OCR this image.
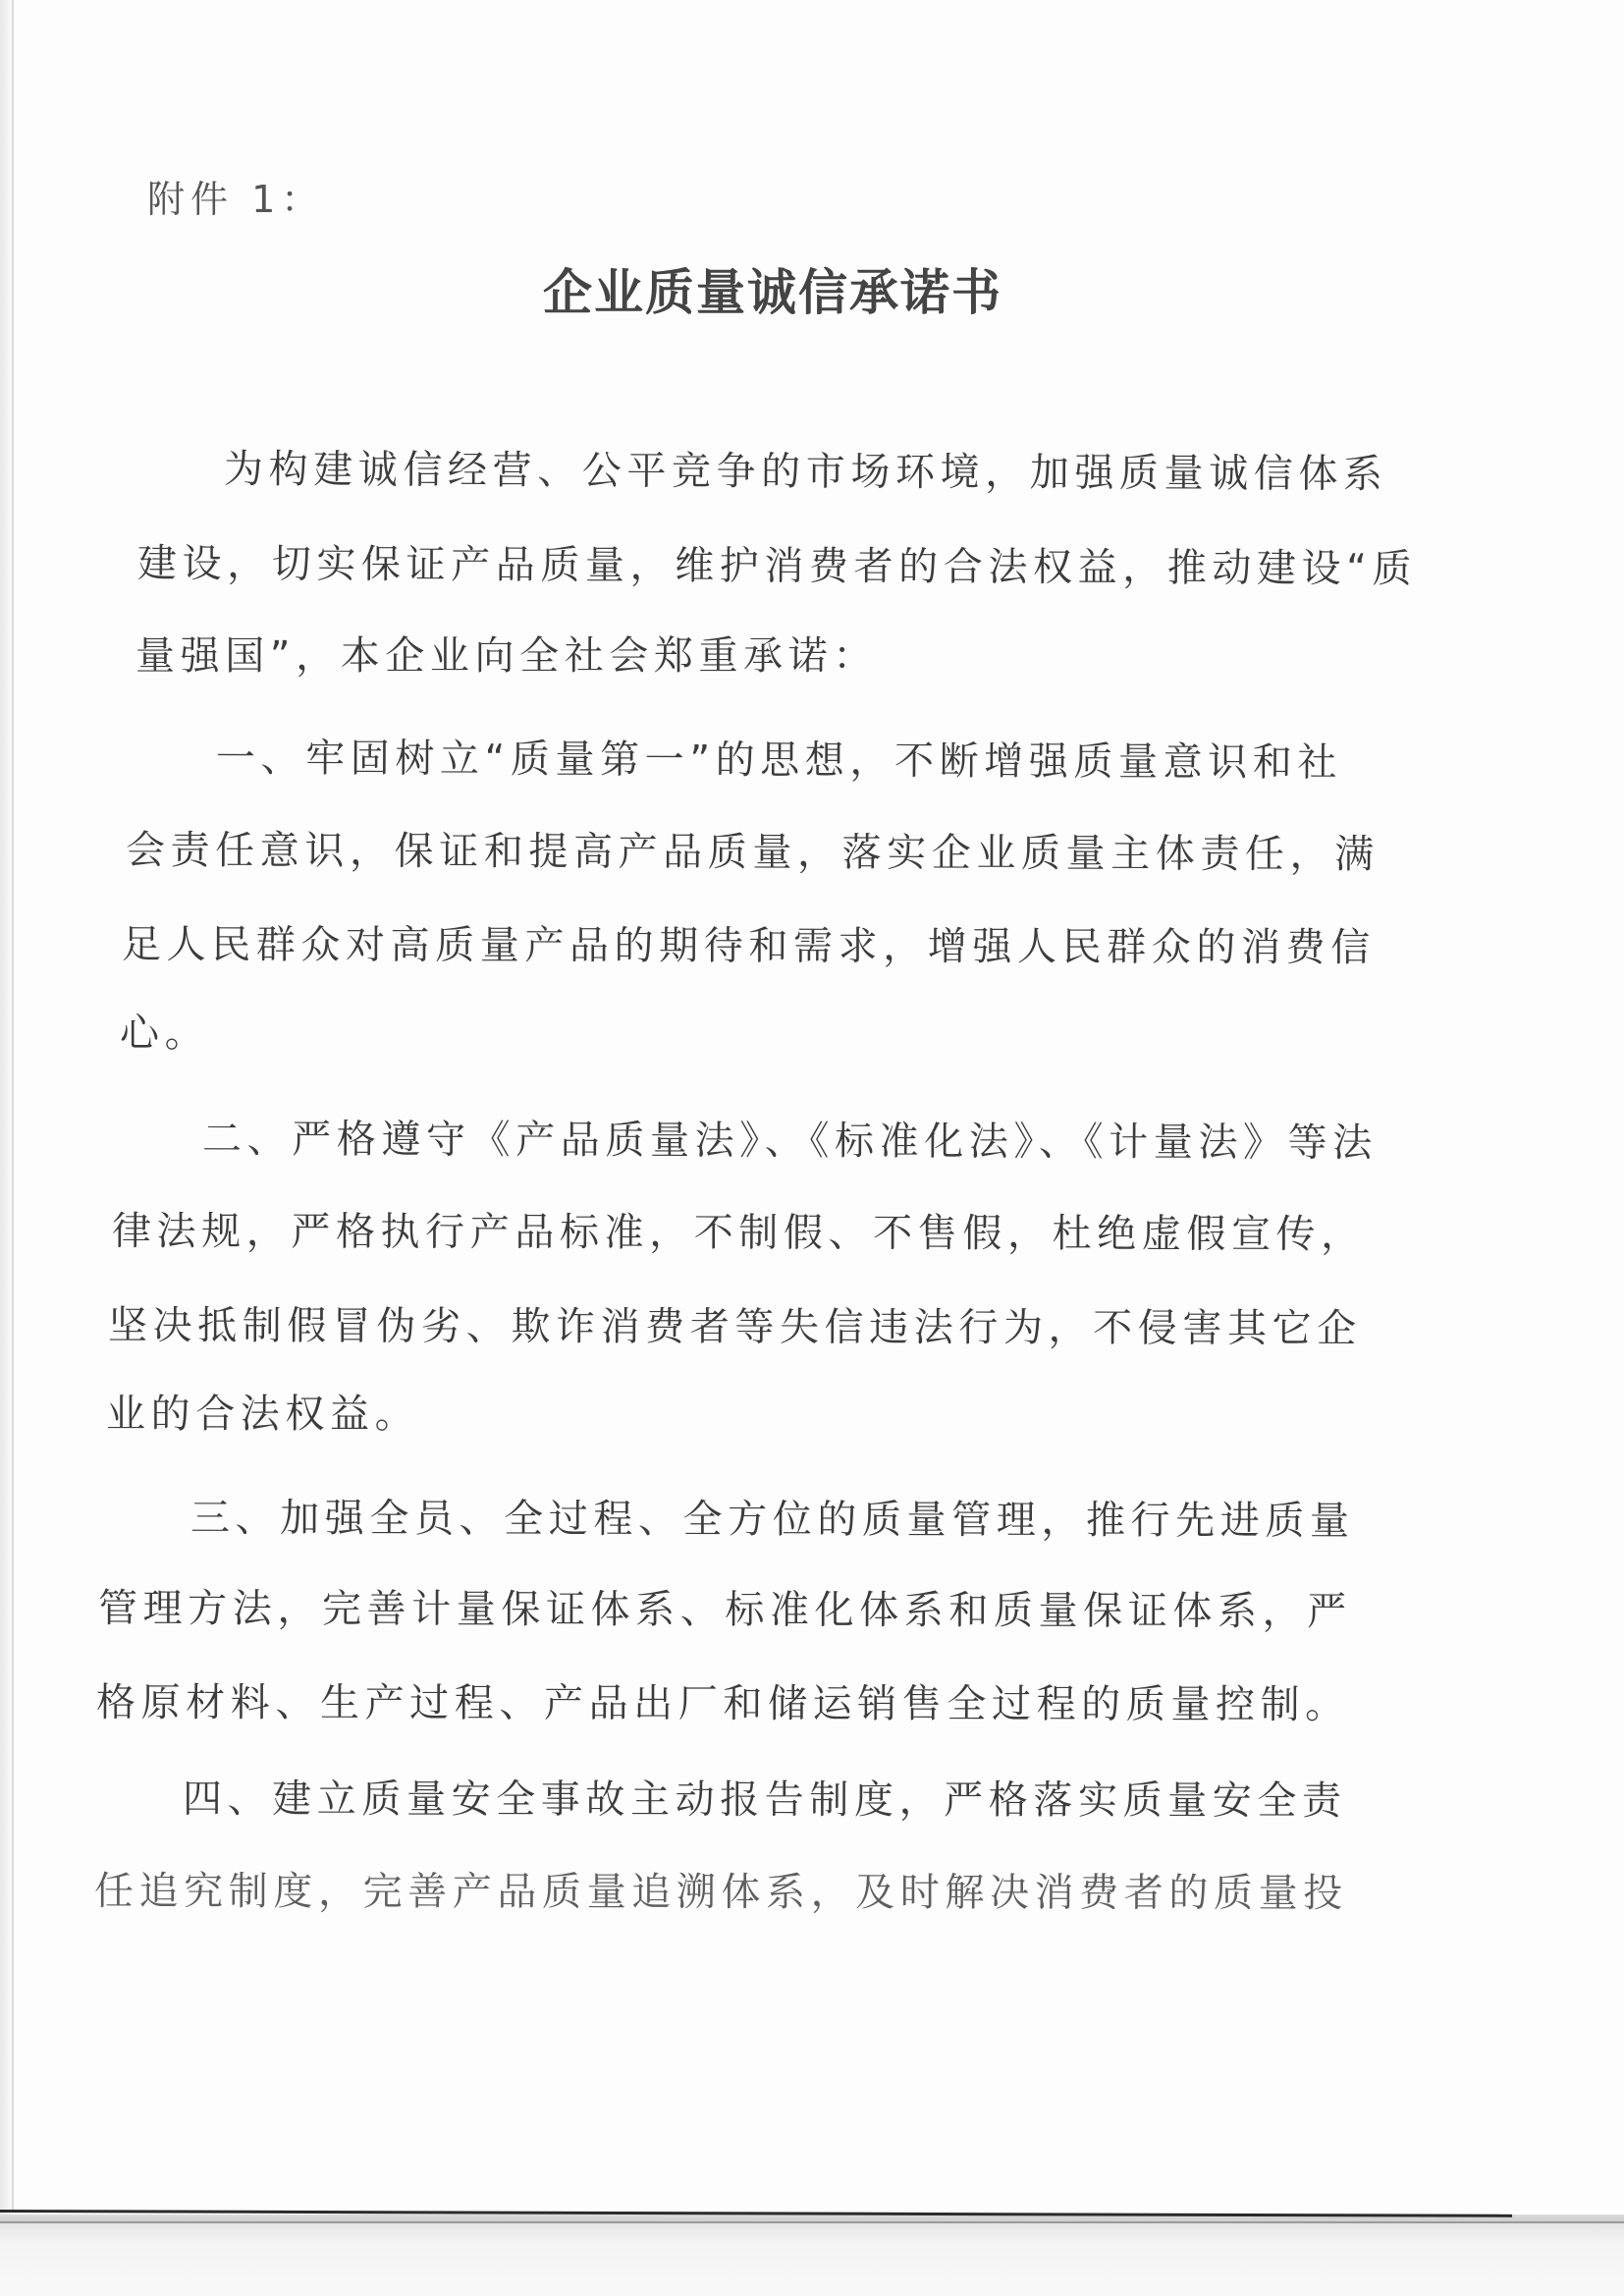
附件 1：
企业质量诚信承诺书
为构建诚信经营、公平竞争的市场环境，加强质量诚信体系
建设，切实保证产品质量，维护消费者的合法权益，推动建设“质
量强国”，本企业向全社会郑重承诺：
一、牢固树立“质量第一”的思想，不断增强质量意识和社
会责任意识，保证和提高产品质量，落实企业质量主体责任，满
足人民群众对高质量产品的期待和需求，增强人民群众的消费信
心。
二、严格遵守《产品质量法》、《标准化法》、《计量法》等法
律法规，严格执行产品标准，不制假、不售假，杜绝虚假宣传，
坚决抵制假冒伪劣、欺诈消费者等失信违法行为，不侵害其它企
业的合法权益。
三、加强全员、全过程、全方位的质量管理，推行先进质量
管理方法，完善计量保证体系、标准化体系和质量保证体系，严
格原材料、生产过程、产品出厂和储运销售全过程的质量控制。
四、建立质量安全事故主动报告制度，严格落实质量安全责
任追究制度，完善产品质量追溯体系，及时解决消费者的质量投
